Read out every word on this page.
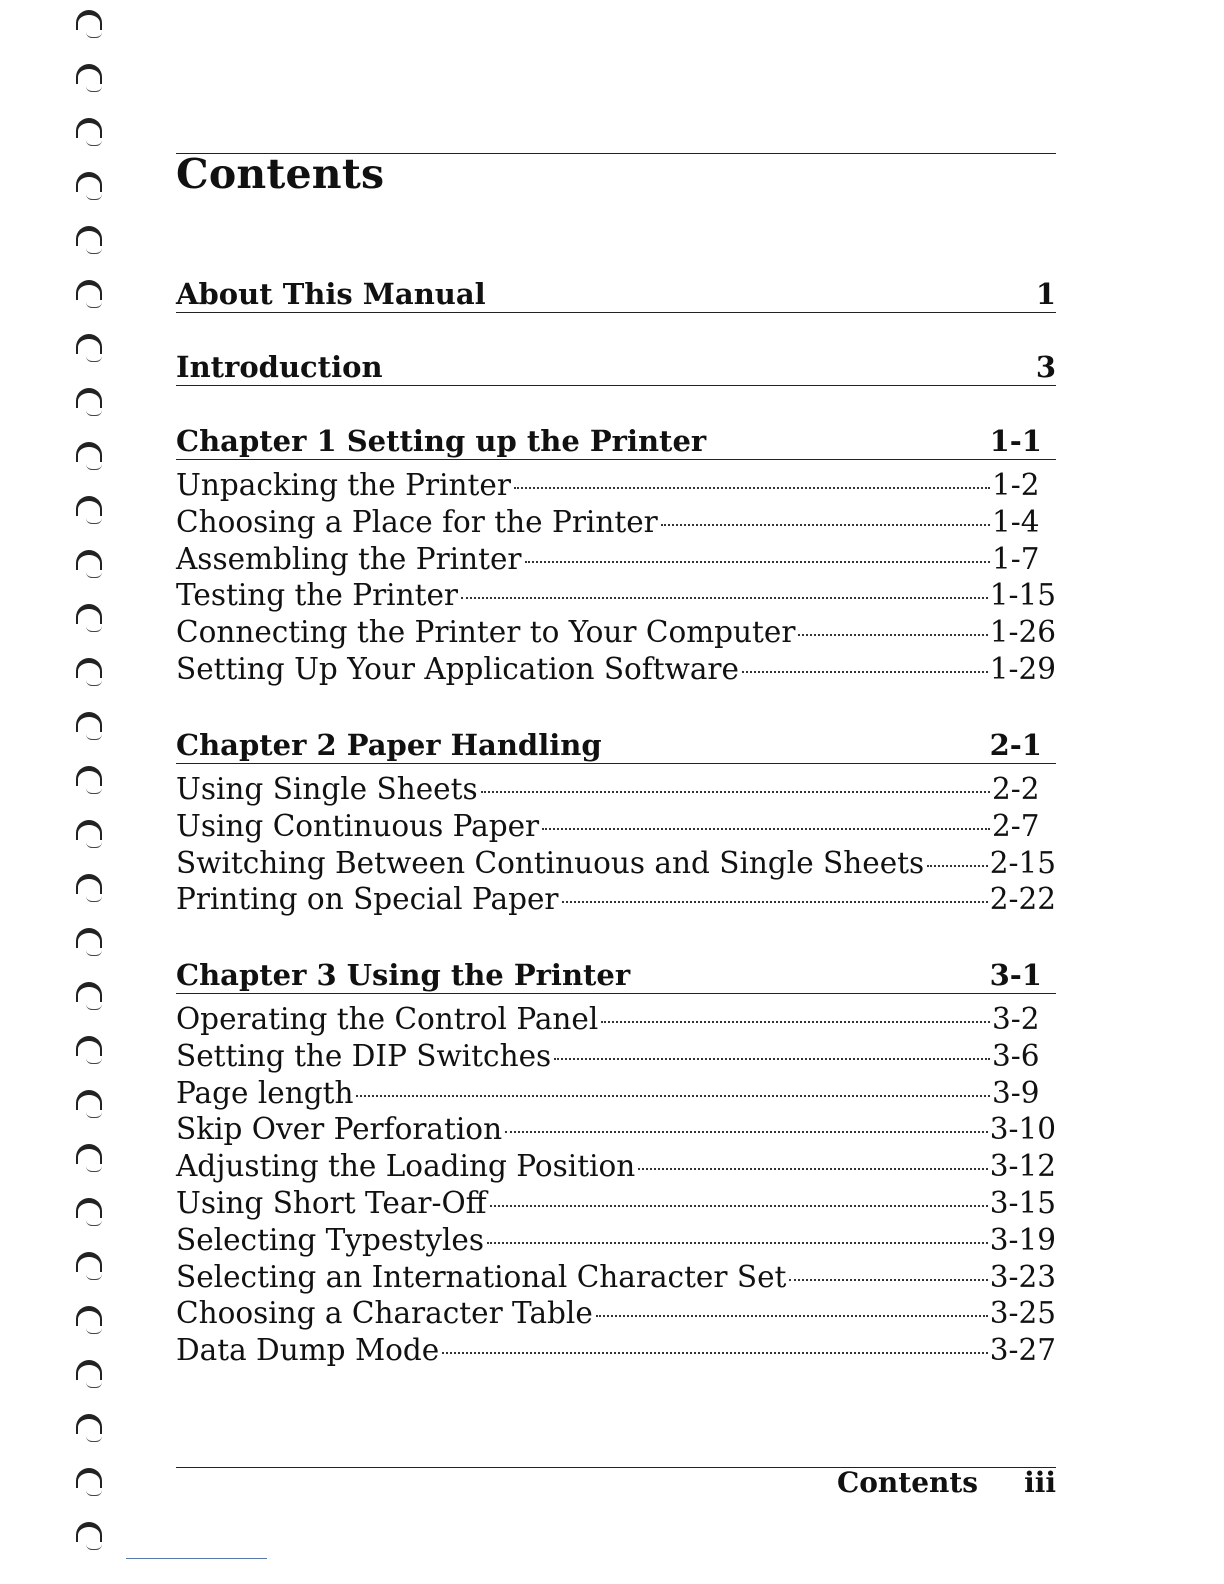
Contents
About This Manual	1
Introduction	3
Chapter 1 Setting up the Printer	1-1
Unpacking the Printer	1-2
Choosing a Place for the Printer	1-4
Assembling the Printer	1-7
Testing the Printer	1-15
Connecting the Printer to Your Computer	1-26
Setting Up Your Application Software	1-29
Chapter 2 Paper Handling	2-1
Using Single Sheets	2-2
Using Continuous Paper	2-7
Switching Between Continuous and Single Sheets 2-15
Printing on Special Paper	2-22
Chapter 3 Using the Printer	3-1
Operating the Control Panel	3-2
Setting the DIP Switches	3-6
Page length	3-9
Skip Over Perforation	3-10
Adjusting the Loading Position	3-12
Using Short Tear-Off	3-15
Selecting Typestyles	3-19
Selecting an International Character Set	3-23
Choosing a Character Table	3-25
Data Dump Mode	3-27
Contents iii
